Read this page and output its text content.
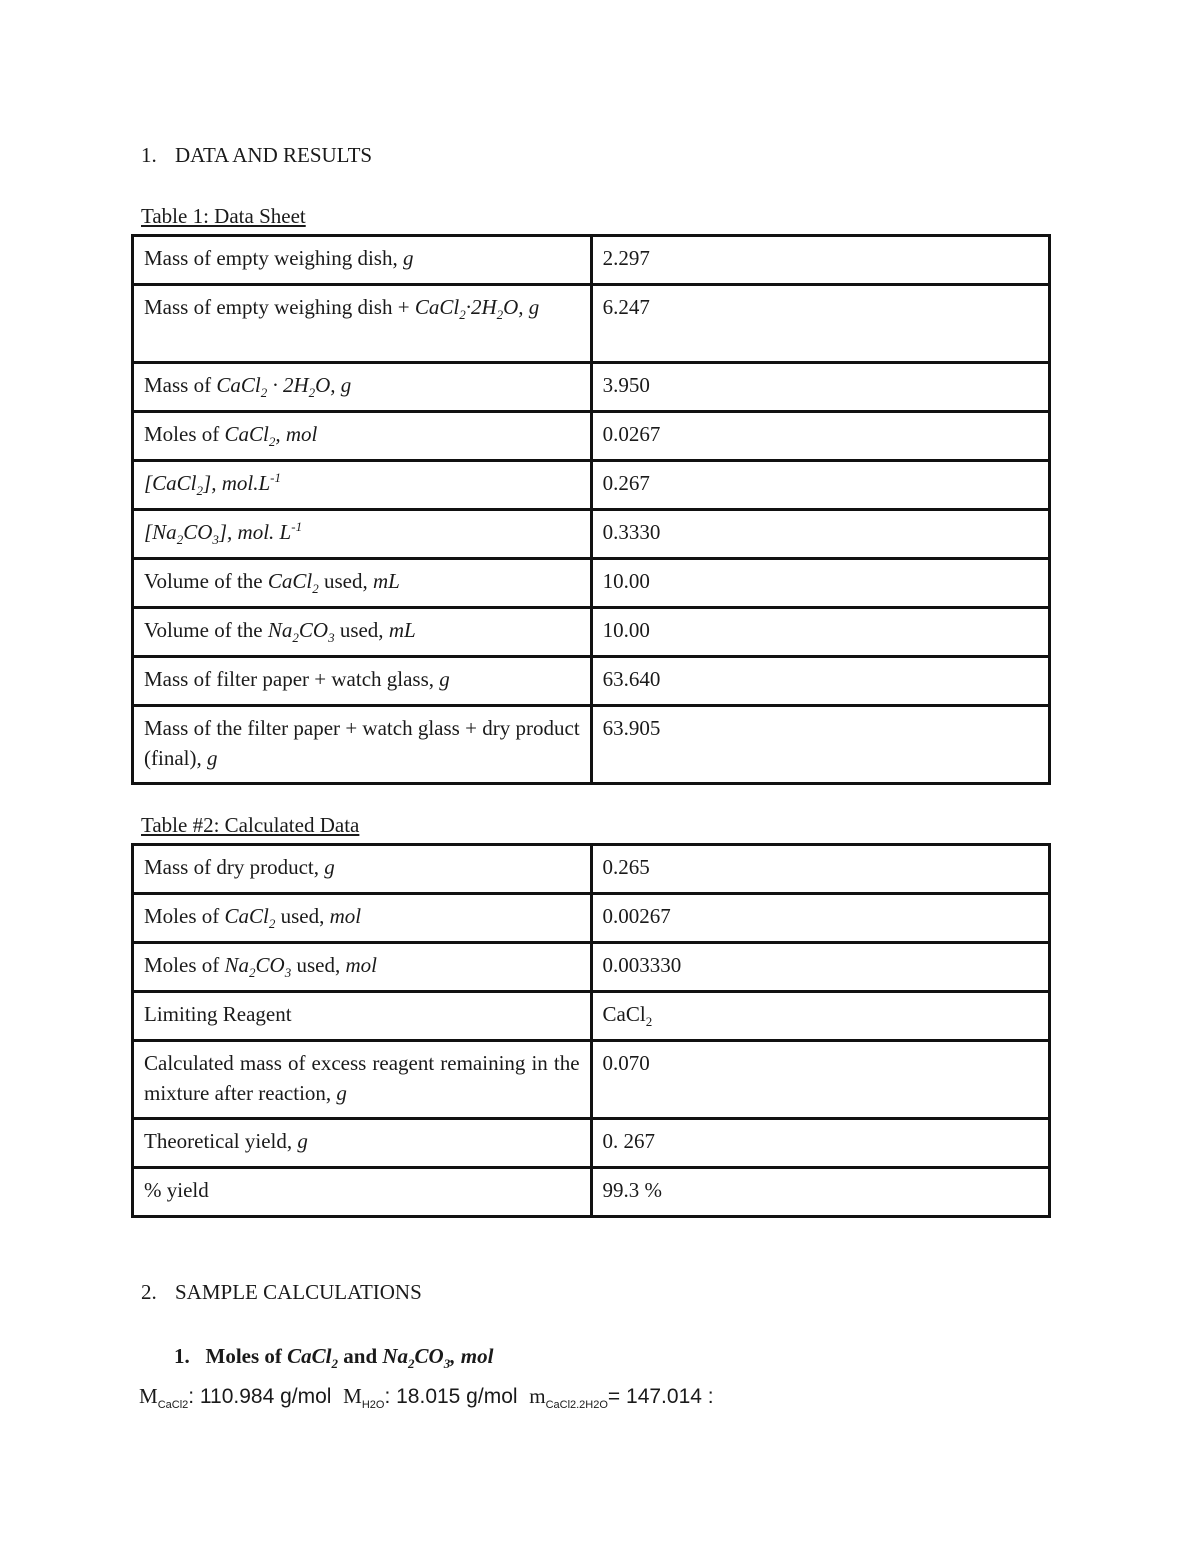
1. DATA AND RESULTS
Table 1: Data Sheet
Mass of empty weighing dish, g	2.297
Mass of empty weighing dish + $CaCl_2\cdot 2H_2O$, g	6.247
Mass of CaCl$_2$ · $2H_2O$, g	3.950
Moles of CaCl$_2$, mol	0.0267
[CaCl$_2$], $mol.L^{-1}$	0.267
$[Na_2CO_3]$, mol. $L^{-1}$	0.3330
Volume of the CaCl$_2$ used, mL	10.00
Volume of the $Na_2CO_3$ used, mL	10.00
Mass of filter paper + watch glass, g	63.640
Mass of the filter paper + watch glass + dry product (final), g	63.905
Table #2: Calculated Data
Mass of dry product, g	0.265
Moles of CaCl$_2$ used, mol	0.00267
Moles of $Na_2CO_3$ used, mol	0.003330
Limiting Reagent	CaCl$_2$
Calculated mass of excess reagent remaining in the mixture after reaction, g	0.070
Theoretical yield, g	0. 267
% yield	99.3 %
2. SAMPLE CALCULATIONS
1.   Moles of CaCl$_2$ and $Na_2CO_3$, mol
$M_{CaCl2}$: 110.984 g/mol  $M_{H2O}$: 18.015 g/mol  $m_{CaCl2.2H2O}= 147.014$ :
